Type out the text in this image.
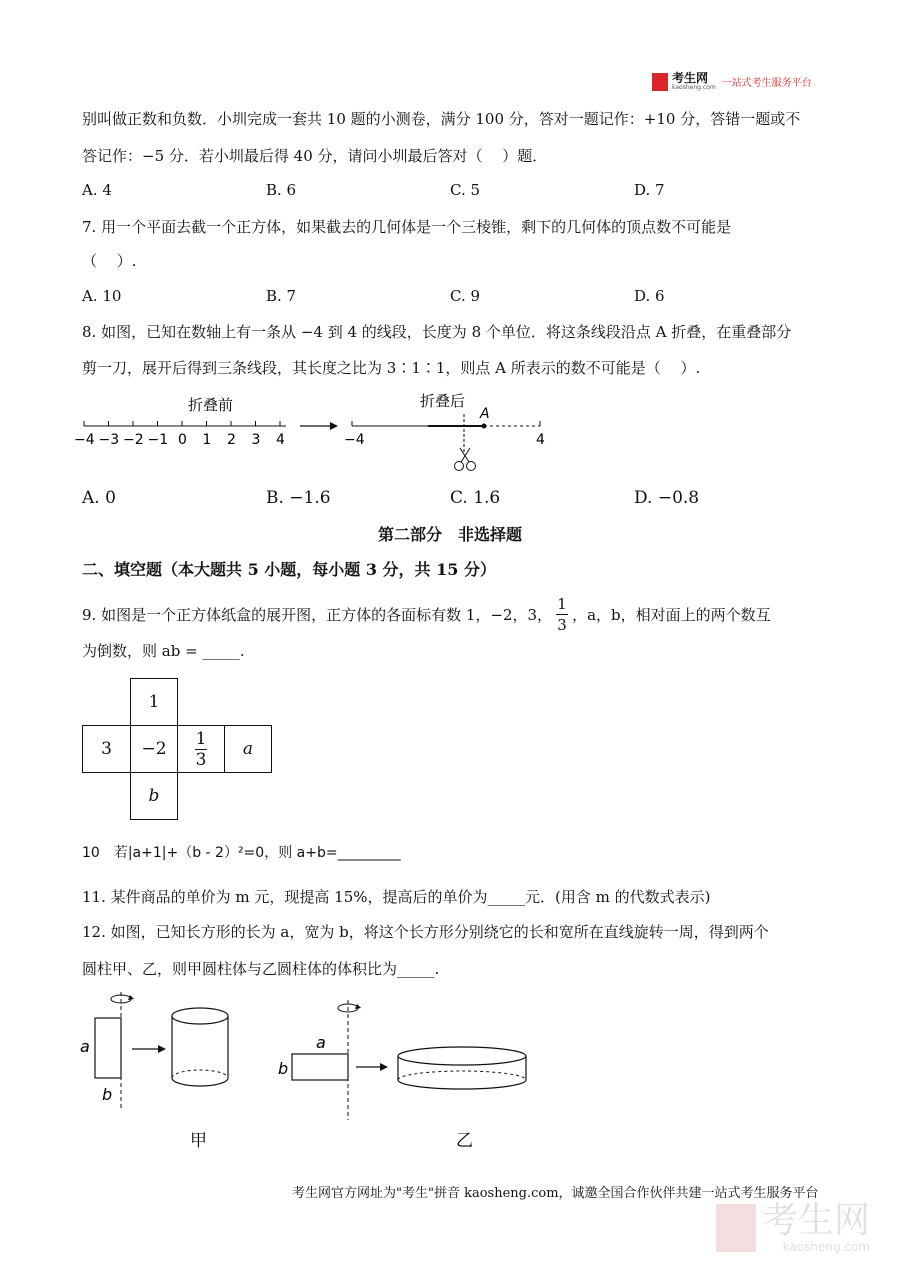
考生网
kaosheng.com 一站式考生服务平台
别叫做正数和负数．小圳完成一套共 10 题的小测卷，满分 100 分，答对一题记作：+10 分，答错一题或不
答记作：−5 分．若小圳最后得 40 分，请问小圳最后答对（　 ）题．
A. 4	B. 6	C. 5	D. 7
7. 用一个平面去截一个正方体，如果截去的几何体是一个三棱锥，剩下的几何体的顶点数不可能是
（　 ）.
A. 10	B. 7	C. 9	D. 6
8. 如图，已知在数轴上有一条从 −4 到 4 的线段，长度为 8 个单位．将这条线段沿点 A 折叠，在重叠部分
剪一刀，展开后得到三条线段，其长度之比为 3∶1∶1，则点 A 所表示的数不可能是（　 ）.
折叠前
−4 −3 −2 −1 0 1 2 3 4
折叠后
A
−4	4
A. 0	B. −1.6	C. 1.6	D. −0.8
第二部分　非选择题
二、填空题（本大题共 5 小题，每小题 3 分，共 15 分）
9. 如图是一个正方体纸盒的展开图，正方体的各面标有数 1，−2，3， $\frac{1}{3}$ ，a，b，相对面上的两个数互
为倒数，则 ab = _____.
1
3	−2	$\frac{1}{3}$	a
b
10　若|a+1|+（b - 2）²=0，则 a+b=_________
11. 某件商品的单价为 m 元，现提高 15%，提高后的单价为_____元．(用含 m 的代数式表示)
12. 如图，已知长方形的长为 a，宽为 b，将这个长方形分别绕它的长和宽所在直线旋转一周，得到两个
圆柱甲、乙，则甲圆柱体与乙圆柱体的体积比为_____.
a
b
甲
a
b
乙
考生网官方网址为"考生"拼音 kaosheng.com，诚邀全国合作伙伴共建一站式考生服务平台
考生网
kaosheng.com
